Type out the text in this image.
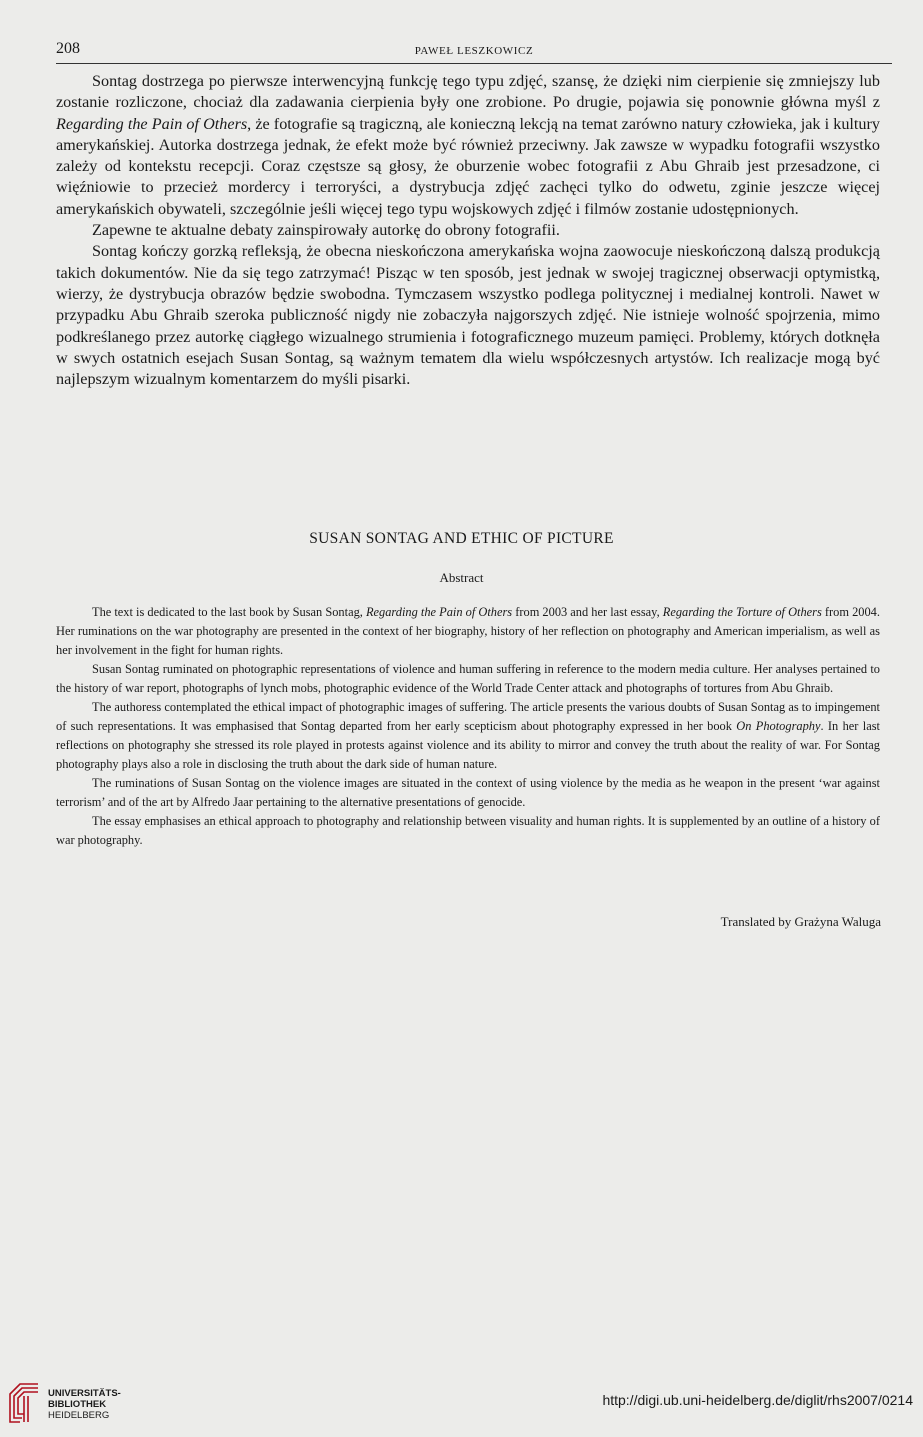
208	PAWEŁ LESZKOWICZ

Sontag dostrzega po pierwsze interwencyjną funkcję tego typu zdjęć, szansę, że dzięki nim cierpienie się zmniejszy lub zostanie rozliczone, chociaż dla zadawania cierpienia były one zrobione. Po drugie, pojawia się ponownie główna myśl z Regarding the Pain of Others, że fotografie są tragiczną, ale konieczną lekcją na temat zarówno natury człowieka, jak i kultury amerykańskiej. Autorka dostrzega jednak, że efekt może być również przeciwny. Jak zawsze w wypadku fotografii wszystko zależy od kontekstu recepcji. Coraz częstsze są głosy, że oburzenie wobec fotografii z Abu Ghraib jest przesadzone, ci więźniowie to przecież mordercy i terroryści, a dystrybucja zdjęć zachęci tylko do odwetu, zginie jeszcze więcej amerykańskich obywateli, szczególnie jeśli więcej tego typu wojskowych zdjęć i filmów zostanie udostępnionych.

Zapewne te aktualne debaty zainspirowały autorkę do obrony fotografii.

Sontag kończy gorzką refleksją, że obecna nieskończona amerykańska wojna zaowocuje nieskończoną dalszą produkcją takich dokumentów. Nie da się tego zatrzymać! Pisząc w ten sposób, jest jednak w swojej tragicznej obserwacji optymistką, wierzy, że dystrybucja obrazów będzie swobodna. Tymczasem wszystko podlega politycznej i medialnej kontroli. Nawet w przypadku Abu Ghraib szeroka publiczność nigdy nie zobaczyła najgorszych zdjęć. Nie istnieje wolność spojrzenia, mimo podkreślanego przez autorkę ciągłego wizualnego strumienia i fotograficznego muzeum pamięci. Problemy, których dotknęła w swych ostatnich esejach Susan Sontag, są ważnym tematem dla wielu współczesnych artystów. Ich realizacje mogą być najlepszym wizualnym komentarzem do myśli pisarki.

SUSAN SONTAG AND ETHIC OF PICTURE
Abstract

The text is dedicated to the last book by Susan Sontag, Regarding the Pain of Others from 2003 and her last essay, Regarding the Torture of Others from 2004. Her ruminations on the war photography are presented in the context of her biography, history of her reflection on photography and American imperialism, as well as her involvement in the fight for human rights.

Susan Sontag ruminated on photographic representations of violence and human suffering in reference to the modern media culture. Her analyses pertained to the history of war report, photographs of lynch mobs, photographic evidence of the World Trade Center attack and photographs of tortures from Abu Ghraib.

The authoress contemplated the ethical impact of photographic images of suffering. The article presents the various doubts of Susan Sontag as to impingement of such representations. It was emphasised that Sontag departed from her early scepticism about photography expressed in her book On Photography. In her last reflections on photography she stressed its role played in protests against violence and its ability to mirror and convey the truth about the reality of war. For Sontag photography plays also a role in disclosing the truth about the dark side of human nature.

The ruminations of Susan Sontag on the violence images are situated in the context of using violence by the media as he weapon in the present ‘war against terrorism’ and of the art by Alfredo Jaar pertaining to the alternative presentations of genocide.

The essay emphasises an ethical approach to photography and relationship between visuality and human rights. It is supplemented by an outline of a history of war photography.

Translated by Grażyna Waluga
UNIVERSITÄTS-
BIBLIOTHEK
HEIDELBERG
http://digi.ub.uni-heidelberg.de/diglit/rhs2007/0214
